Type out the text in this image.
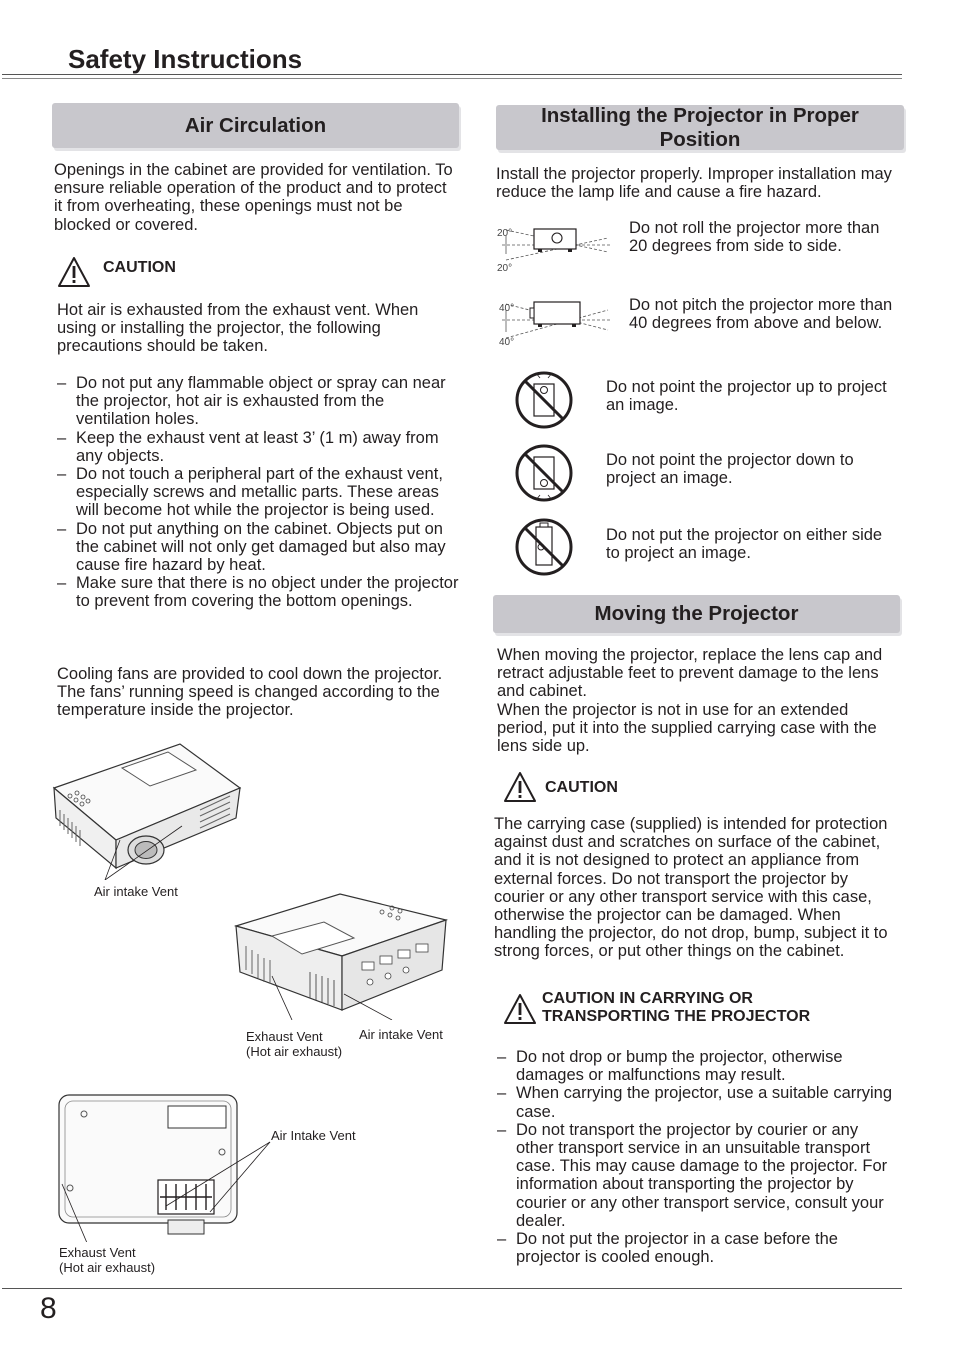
Safety Instructions
Air Circulation

Openings in the cabinet are provided for ventilation. To ensure reliable operation of the product and to protect it from overheating, these openings must not be blocked or covered.

CAUTION

Hot air is exhausted from the exhaust vent. When using or installing the projector, the following precautions should be taken.

– Do not put any flammable object or spray can near the projector, hot air is exhausted from the ventilation holes.
– Keep the exhaust vent at least 3’ (1 m) away from any objects.
– Do not touch a peripheral part of the exhaust vent, especially screws and metallic parts. These areas will become hot while the projector is being used.
– Do not put anything on the cabinet. Objects put on the cabinet will not only get damaged but also may cause fire hazard by heat.
– Make sure that there is no object under the projector to prevent from covering the bottom openings.

Cooling fans are provided to cool down the projector. The fans’ running speed is changed according to the temperature inside the projector.

Air intake Vent
Exhaust Vent
(Hot air exhaust)
Air intake Vent
Air Intake Vent
Exhaust Vent
(Hot air exhaust)
Installing the Projector in Proper Position

Install the projector properly. Improper installation may reduce the lamp life and cause a fire hazard.

20°
20°

Do not roll the projector more than 20 degrees from side to side.

40°
40°

Do not pitch the projector more than 40 degrees from above and below.

Do not point the projector up to project an image.

Do not point the projector down to project an image.

Do not put the projector on either side to project an image.

Moving the Projector

When moving the projector, replace the lens cap and retract adjustable feet to prevent damage to the lens and cabinet.

When the projector is not in use for an extended period, put it into the supplied carrying case with the lens side up.

CAUTION

The carrying case (supplied) is intended for protection against dust and scratches on surface of the cabinet, and it is not designed to protect an appliance from external forces. Do not transport the projector by courier or any other transport service with this case, otherwise the projector can be damaged. When handling the projector, do not drop, bump, subject it to strong forces, or put other things on the cabinet.

CAUTION IN CARRYING OR
TRANSPORTING THE PROJECTOR
– Do not drop or bump the projector, otherwise damages or malfunctions may result.
– When carrying the projector, use a suitable carrying case.
– Do not transport the projector by courier or any other transport service in an unsuitable transport case. This may cause damage to the projector. For information about transporting the projector by courier or any other transport service, consult your dealer.
– Do not put the projector in a case before the projector is cooled enough.
8
